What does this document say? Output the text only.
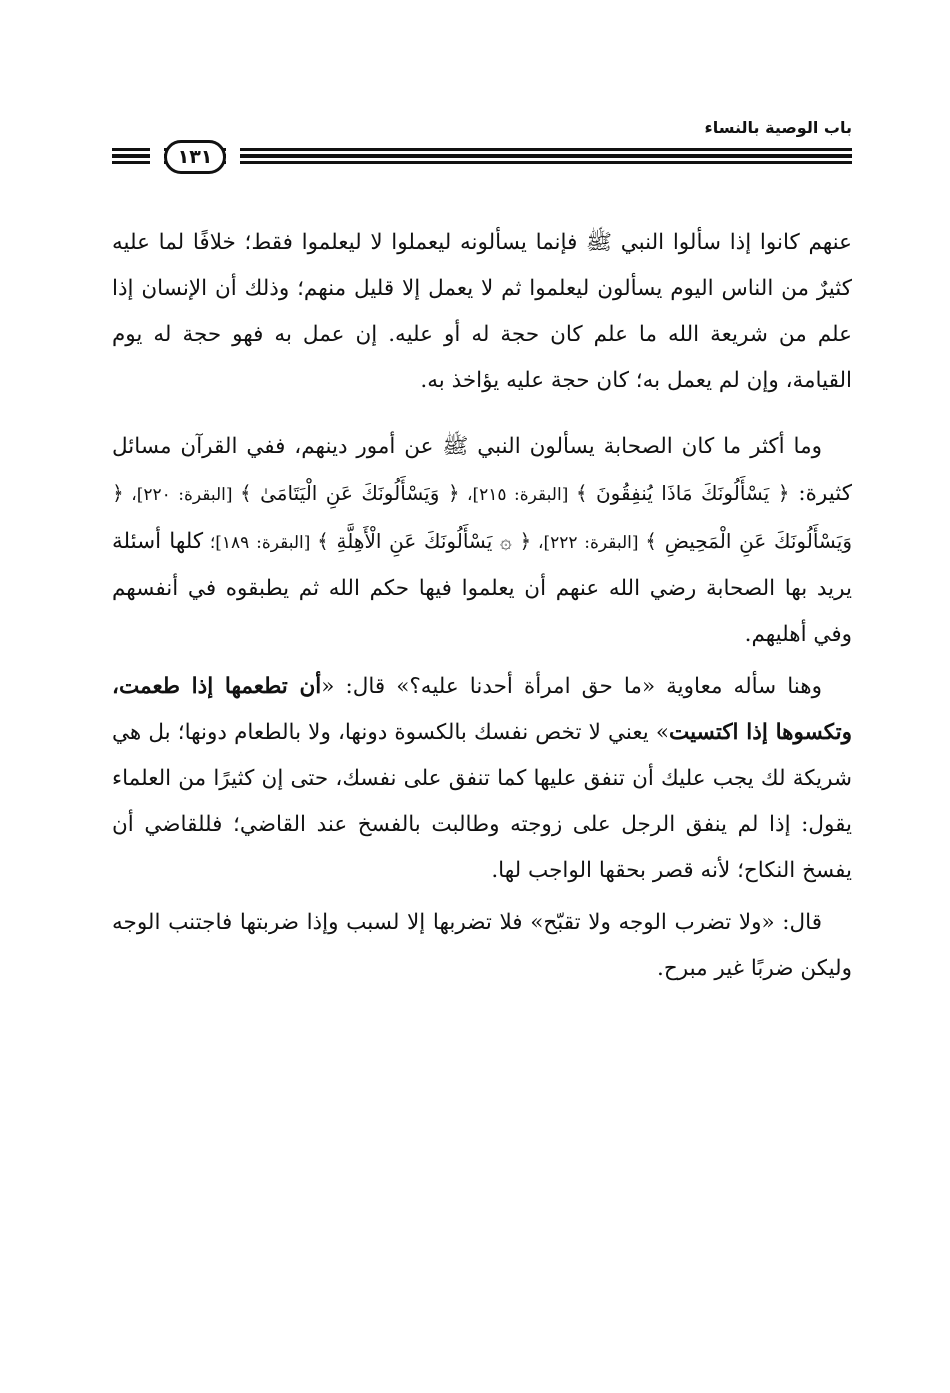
باب الوصية بالنساء
١٣١

عنهم كانوا إذا سألوا النبي ﷺ فإنما يسألونه ليعملوا لا ليعلموا فقط؛ خلافًا لما عليه كثيرٌ من الناس اليوم يسألون ليعلموا ثم لا يعمل إلا قليل منهم؛ وذلك أن الإنسان إذا علم من شريعة الله ما علم كان حجة له أو عليه. إن عمل به فهو حجة له يوم القيامة، وإن لم يعمل به؛ كان حجة عليه يؤاخذ به.

وما أكثر ما كان الصحابة يسألون النبي ﷺ عن أمور دينهم، ففي القرآن مسائل كثيرة: ﴿ يَسْأَلُونَكَ مَاذَا يُنفِقُونَ ﴾ [البقرة: ٢١٥]، ﴿ وَيَسْأَلُونَكَ عَنِ الْيَتَامَىٰ ﴾ [البقرة: ٢٢٠]، ﴿ وَيَسْأَلُونَكَ عَنِ الْمَحِيضِ ﴾ [البقرة: ٢٢٢]، ﴿ ۞ يَسْأَلُونَكَ عَنِ الْأَهِلَّةِ ﴾ [البقرة: ١٨٩]؛ كلها أسئلة يريد بها الصحابة رضي الله عنهم أن يعلموا فيها حكم الله ثم يطبقوه في أنفسهم وفي أهليهم.

وهنا سأله معاوية «ما حق امرأة أحدنا عليه؟» قال: «أن تطعمها إذا طعمت، وتكسوها إذا اكتسيت» يعني لا تخص نفسك بالكسوة دونها، ولا بالطعام دونها؛ بل هي شريكة لك يجب عليك أن تنفق عليها كما تنفق على نفسك، حتى إن كثيرًا من العلماء يقول: إذا لم ينفق الرجل على زوجته وطالبت بالفسخ عند القاضي؛ فللقاضي أن يفسخ النكاح؛ لأنه قصر بحقها الواجب لها.

قال: «ولا تضرب الوجه ولا تقبّح» فلا تضربها إلا لسبب وإذا ضربتها فاجتنب الوجه وليكن ضربًا غير مبرح.
